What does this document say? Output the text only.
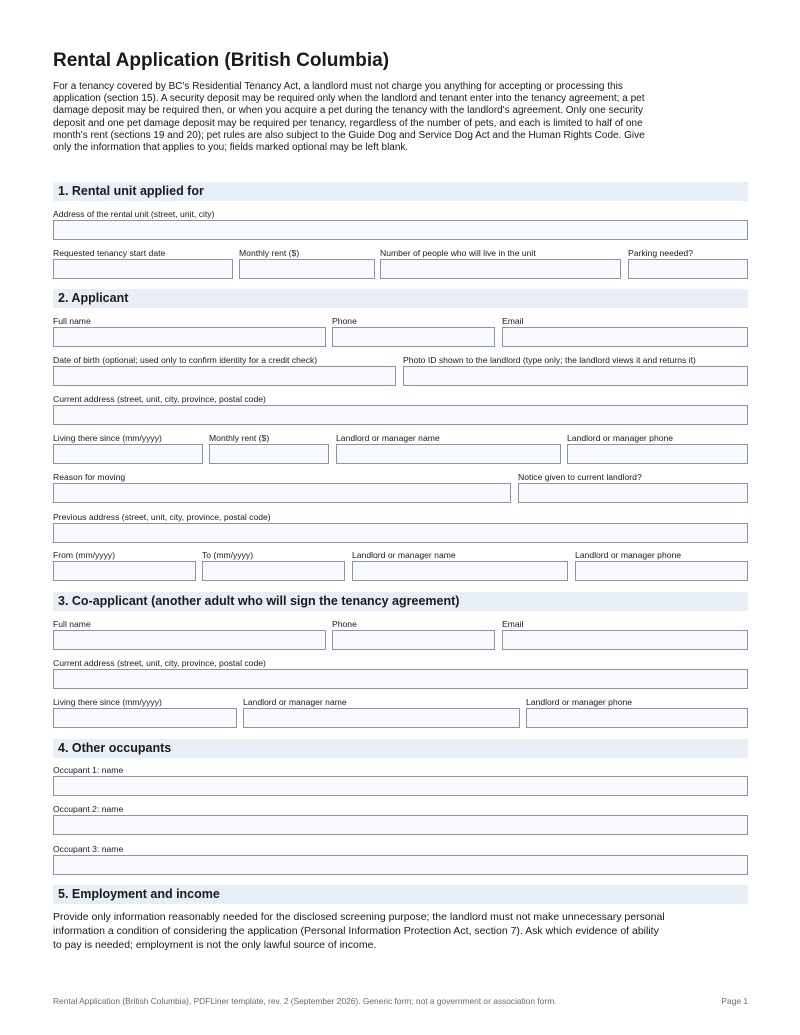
Rental Application (British Columbia)

For a tenancy covered by BC's Residential Tenancy Act, a landlord must not charge you anything for accepting or processing this application (section 15). A security deposit may be required only when the landlord and tenant enter into the tenancy agreement; a pet damage deposit may be required then, or when you acquire a pet during the tenancy with the landlord's agreement. Only one security deposit and one pet damage deposit may be required per tenancy, regardless of the number of pets, and each is limited to half of one month's rent (sections 19 and 20); pet rules are also subject to the Guide Dog and Service Dog Act and the Human Rights Code. Give only the information that applies to you; fields marked optional may be left blank.

1. Rental unit applied for
Address of the rental unit (street, unit, city)
Requested tenancy start date	Monthly rent ($)	Number of people who will live in the unit	Parking needed?
2. Applicant
Full name	Phone	Email
Date of birth (optional; used only to confirm identity for a credit check)	Photo ID shown to the landlord (type only; the landlord views it and returns it)
Current address (street, unit, city, province, postal code)
Living there since (mm/yyyy)	Monthly rent ($)	Landlord or manager name	Landlord or manager phone
Reason for moving	Notice given to current landlord?
Previous address (street, unit, city, province, postal code)
From (mm/yyyy)	To (mm/yyyy)	Landlord or manager name	Landlord or manager phone
3. Co-applicant (another adult who will sign the tenancy agreement)
Full name	Phone	Email
Current address (street, unit, city, province, postal code)
Living there since (mm/yyyy)	Landlord or manager name	Landlord or manager phone
4. Other occupants
Occupant 1: name
Occupant 2: name
Occupant 3: name
5. Employment and income

Provide only information reasonably needed for the disclosed screening purpose; the landlord must not make unnecessary personal information a condition of considering the application (Personal Information Protection Act, section 7). Ask which evidence of ability to pay is needed; employment is not the only lawful source of income.

Rental Application (British Columbia), PDFLiner template, rev. 2 (September 2026). Generic form; not a government or association form.	Page 1
